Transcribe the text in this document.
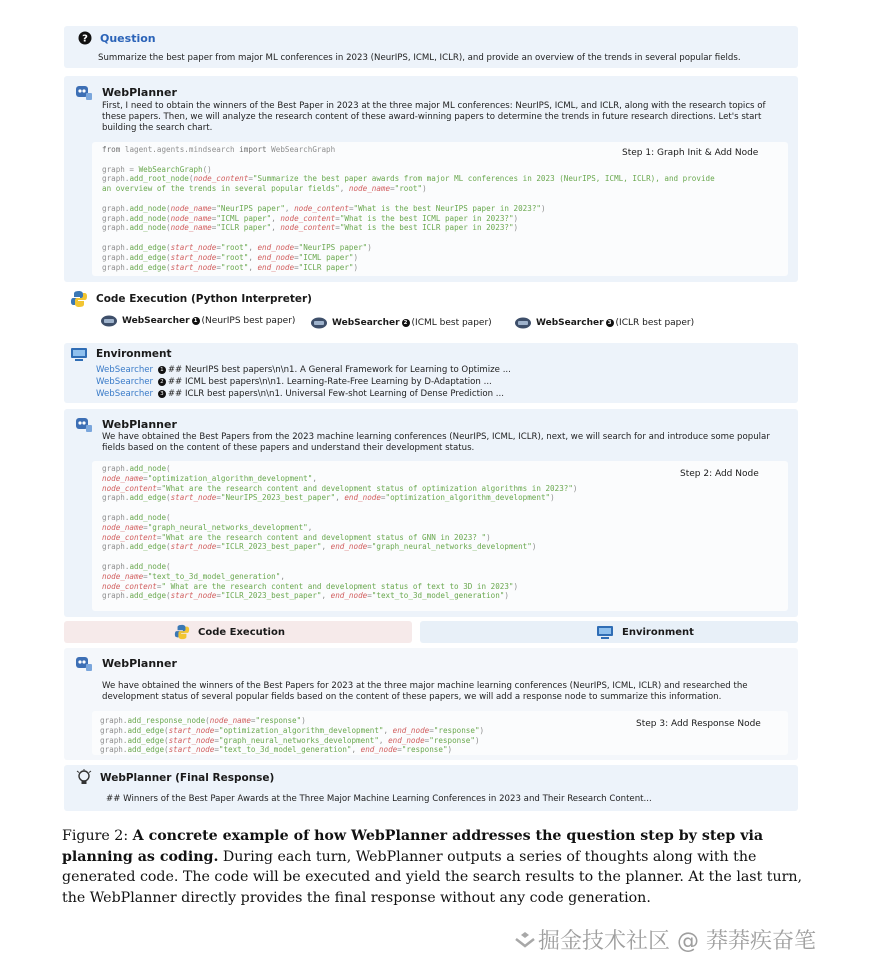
? Question
Summarize the best paper from major ML conferences in 2023 (NeurIPS, ICML, ICLR), and provide an overview of the trends in several popular fields.
WebPlanner
First, I need to obtain the winners of the Best Paper in 2023 at the three major ML conferences: NeurIPS, ICML, and ICLR, along with the research topics of these papers. Then, we will analyze the research content of these award-winning papers to determine the trends in future research directions. Let's start building the search chart.
Step 1: Graph Init & Add Node
from lagent.agents.mindsearch import WebSearchGraph

graph = WebSearchGraph()
graph.add_root_node(node_content="Summarize the best paper awards from major ML conferences in 2023 (NeurIPS, ICML, ICLR), and provide
an overview of the trends in several popular fields", node_name="root")

graph.add_node(node_name="NeurIPS paper", node_content="What is the best NeurIPS paper in 2023?")
graph.add_node(node_name="ICML paper", node_content="What is the best ICML paper in 2023?")
graph.add_node(node_name="ICLR paper", node_content="What is the best ICLR paper in 2023?")

graph.add_edge(start_node="root", end_node="NeurIPS paper")
graph.add_edge(start_node="root", end_node="ICML paper")
graph.add_edge(start_node="root", end_node="ICLR paper")
Code Execution (Python Interpreter)
WebSearcher 1 (NeurIPS best paper)	WebSearcher 2 (ICML best paper)	WebSearcher 3 (ICLR best paper)
Environment
WebSearcher 1 ## NeurIPS best papers\n\n1. A General Framework for Learning to Optimize ...
WebSearcher 2 ## ICML best papers\n\n1. Learning-Rate-Free Learning by D-Adaptation ...
WebSearcher 3 ## ICLR best papers\n\n1. Universal Few-shot Learning of Dense Prediction ...
WebPlanner
We have obtained the Best Papers from the 2023 machine learning conferences (NeurIPS, ICML, ICLR), next, we will search for and introduce some popular fields based on the content of these papers and understand their development status.
Step 2: Add Node
graph.add_node(
node_name="optimization_algorithm_development",
node_content="What are the research content and development status of optimization algorithms in 2023?")
graph.add_edge(start_node="NeurIPS_2023_best_paper", end_node="optimization_algorithm_development")

graph.add_node(
node_name="graph_neural_networks_development",
node_content="What are the research content and development status of GNN in 2023? ")
graph.add_edge(start_node="ICLR_2023_best_paper", end_node="graph_neural_networks_development")

graph.add_node(
node_name="text_to_3d_model_generation",
node_content=" What are the research content and development status of text to 3D in 2023")
graph.add_edge(start_node="ICLR_2023_best_paper", end_node="text_to_3d_model_generation")
Code Execution	Environment
WebPlanner
We have obtained the winners of the Best Papers for 2023 at the three major machine learning conferences (NeurIPS, ICML, ICLR) and researched the development status of several popular fields based on the content of these papers, we will add a response node to summarize this information.
Step 3: Add Response Node
graph.add_response_node(node_name="response")
graph.add_edge(start_node="optimization_algorithm_development", end_node="response")
graph.add_edge(start_node="graph_neural_networks_development", end_node="response")
graph.add_edge(start_node="text_to_3d_model_generation", end_node="response")
WebPlanner (Final Response)
## Winners of the Best Paper Awards at the Three Major Machine Learning Conferences in 2023 and Their Research Content...
Figure 2: A concrete example of how WebPlanner addresses the question step by step via planning as coding. During each turn, WebPlanner outputs a series of thoughts along with the generated code. The code will be executed and yield the search results to the planner. At the last turn, the WebPlanner directly provides the final response without any code generation.
掘金技术社区 @ 莽莽疾奋笔
